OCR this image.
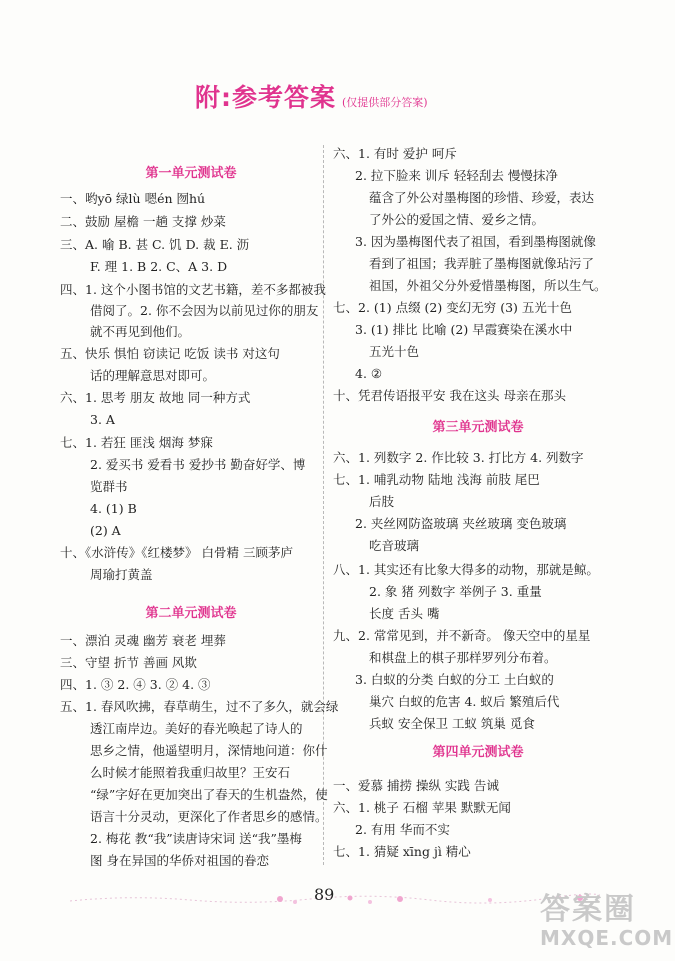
附:参考答案 (仅提供部分答案)
第一单元测试卷
一、哟yō 绿lù 嗯én 囫hú
二、鼓励 屋檐 一趟 支撑 炒菜
三、A. 喻 B. 甚 C. 饥 D. 裁 E. 沥
F. 理 1. B 2. C、A 3. D
四、1. 这个小图书馆的文艺书籍，差不多都被我
借阅了。2. 你不会因为以前见过你的朋友
就不再见到他们。
五、快乐 惧怕 窃读记 吃饭 读书 对这句
话的理解意思对即可。
六、1. 思考 朋友 故地 同一种方式
3. A
七、1. 若狂 匪浅 烟海 梦寐
2. 爱买书 爱看书 爱抄书 勤奋好学、博
览群书
4. (1) B
(2) A
十、《水浒传》《红楼梦》 白骨精 三顾茅庐
周瑜打黄盖
第二单元测试卷
一、漂泊 灵魂 幽芳 衰老 埋葬
三、守望 折节 善画 风欺
四、1. ③ 2. ④ 3. ② 4. ③
五、1. 春风吹拂，春草萌生，过不了多久，就会绿
透江南岸边。美好的春光唤起了诗人的
思乡之情，他遥望明月，深情地问道：你什
么时候才能照着我重归故里？王安石
“绿”字好在更加突出了春天的生机盎然，使
语言十分灵动，更深化了作者思乡的感情。
2. 梅花 教“我”读唐诗宋词 送“我”墨梅
图 身在异国的华侨对祖国的眷恋
六、1. 有时 爱护 呵斥
2. 拉下脸来 训斥 轻轻刮去 慢慢抹净
蕴含了外公对墨梅图的珍惜、珍爱，表达
了外公的爱国之情、爱乡之情。
3. 因为墨梅图代表了祖国，看到墨梅图就像
看到了祖国；我弄脏了墨梅图就像玷污了
祖国，外祖父分外爱惜墨梅图，所以生气。
七、2. (1) 点缀 (2) 变幻无穷 (3) 五光十色
3. (1) 排比 比喻 (2) 早霞赛染在溪水中
五光十色
4. ②
十、凭君传语报平安 我在这头 母亲在那头
第三单元测试卷
六、1. 列数字 2. 作比较 3. 打比方 4. 列数字
七、1. 哺乳动物 陆地 浅海 前肢 尾巴
后肢
2. 夹丝网防盗玻璃 夹丝玻璃 变色玻璃
吃音玻璃
八、1. 其实还有比象大得多的动物，那就是鲸。
2. 象 猪 列数字 举例子 3. 重量
长度 舌头 嘴
九、2. 常常见到，并不新奇。 像天空中的星星
和棋盘上的棋子那样罗列分布着。
3. 白蚁的分类 白蚁的分工 土白蚁的
巢穴 白蚁的危害 4. 蚁后 繁殖后代
兵蚁 安全保卫 工蚁 筑巢 觅食
第四单元测试卷
一、爱慕 捕捞 操纵 实践 告诫
六、1. 桃子 石榴 苹果 默默无闻
2. 有用 华而不实
七、1. 猜疑 xīng jì 精心
89	答案圈
MXQE.COM
